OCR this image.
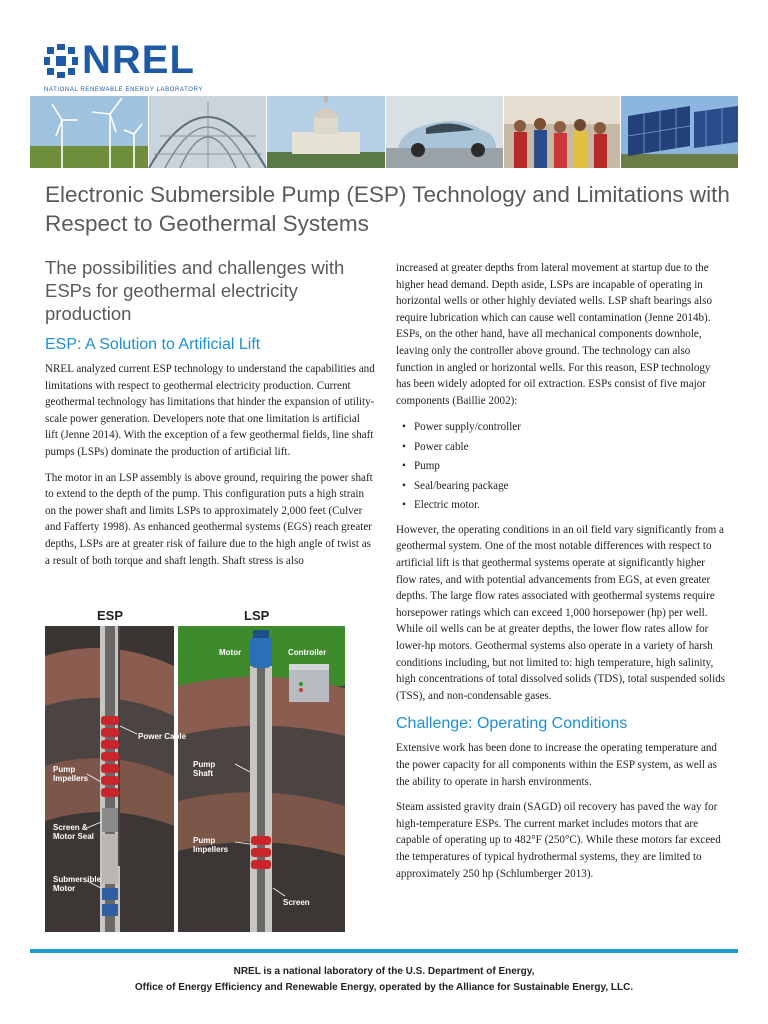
NREL
NATIONAL RENEWABLE ENERGY LABORATORY
Electronic Submersible Pump (ESP) Technology and Limitations with Respect to Geothermal Systems
The possibilities and challenges with ESPs for geothermal electricity production
ESP: A Solution to Artificial Lift

NREL analyzed current ESP technology to understand the capabilities and limitations with respect to geothermal electricity production. Current geothermal technology has limitations that hinder the expansion of utility-scale power generation. Developers note that one limitation is artificial lift (Jenne 2014). With the exception of a few geothermal fields, line shaft pumps (LSPs) dominate the production of artificial lift.

The motor in an LSP assembly is above ground, requiring the power shaft to extend to the depth of the pump. This configuration puts a high strain on the power shaft and limits LSPs to approximately 2,000 feet (Culver and Fafferty 1998). As enhanced geothermal systems (EGS) reach greater depths, LSPs are at greater risk of failure due to the high angle of twist as a result of both torque and shaft length. Shaft stress is also

ESP	LSP
Power Cable
Pump Impellers
Screen & Motor Seal
Submersible Motor
Motor	Controller
Pump Shaft
Pump Impellers
Screen

increased at greater depths from lateral movement at startup due to the higher head demand. Depth aside, LSPs are incapable of operating in horizontal wells or other highly deviated wells. LSP shaft bearings also require lubrication which can cause well contamination (Jenne 2014b). ESPs, on the other hand, have all mechanical components downhole, leaving only the controller above ground. The technology can also function in angled or horizontal wells. For this reason, ESP technology has been widely adopted for oil extraction. ESPs consist of five major components (Baillie 2002):

• Power supply/controller
• Power cable
• Pump
• Seal/bearing package
• Electric motor.

However, the operating conditions in an oil field vary significantly from a geothermal system. One of the most notable differences with respect to artificial lift is that geothermal systems operate at significantly higher flow rates, and with potential advancements from EGS, at even greater depths. The large flow rates associated with geothermal systems require horsepower ratings which can exceed 1,000 horsepower (hp) per well. While oil wells can be at greater depths, the lower flow rates allow for lower-hp motors. Geothermal systems also operate in a variety of harsh conditions including, but not limited to: high temperature, high salinity, high concentrations of total dissolved solids (TDS), total suspended solids (TSS), and non-condensable gases.

Challenge: Operating Conditions

Extensive work has been done to increase the operating temperature and the power capacity for all components within the ESP system, as well as the ability to operate in harsh environments.

Steam assisted gravity drain (SAGD) oil recovery has paved the way for high-temperature ESPs. The current market includes motors that are capable of operating up to 482°F (250°C). While these motors far exceed the temperatures of typical hydrothermal systems, they are limited to approximately 250 hp (Schlumberger 2013).

NREL is a national laboratory of the U.S. Department of Energy,
Office of Energy Efficiency and Renewable Energy, operated by the Alliance for Sustainable Energy, LLC.
